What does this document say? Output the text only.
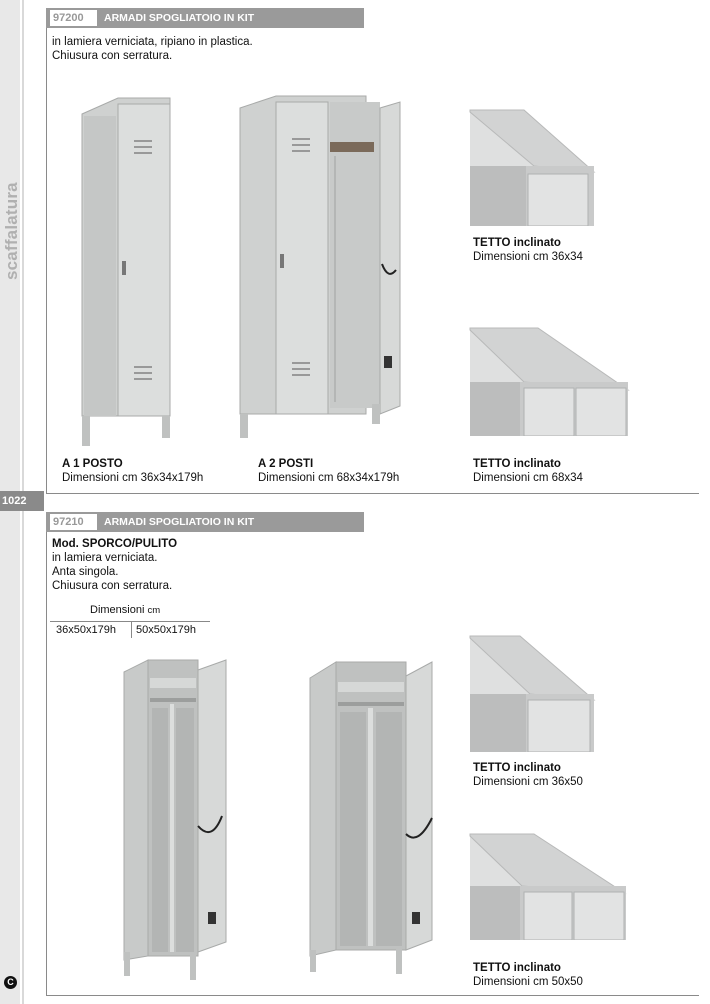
scaffalatura
1022
C
97200	ARMADI SPOGLIATOIO IN KIT
in lamiera verniciata, ripiano in plastica.
Chiusura con serratura.
A 1 POSTO
Dimensioni cm 36x34x179h
A 2 POSTI
Dimensioni cm 68x34x179h
TETTO inclinato
Dimensioni cm 36x34
TETTO inclinato
Dimensioni cm 68x34
97210	ARMADI SPOGLIATOIO IN KIT
Mod. SPORCO/PULITO
in lamiera verniciata.
Anta singola.
Chiusura con serratura.
Dimensioni cm
36x50x179h 50x50x179h
TETTO inclinato
Dimensioni cm 36x50
TETTO inclinato
Dimensioni cm 50x50
